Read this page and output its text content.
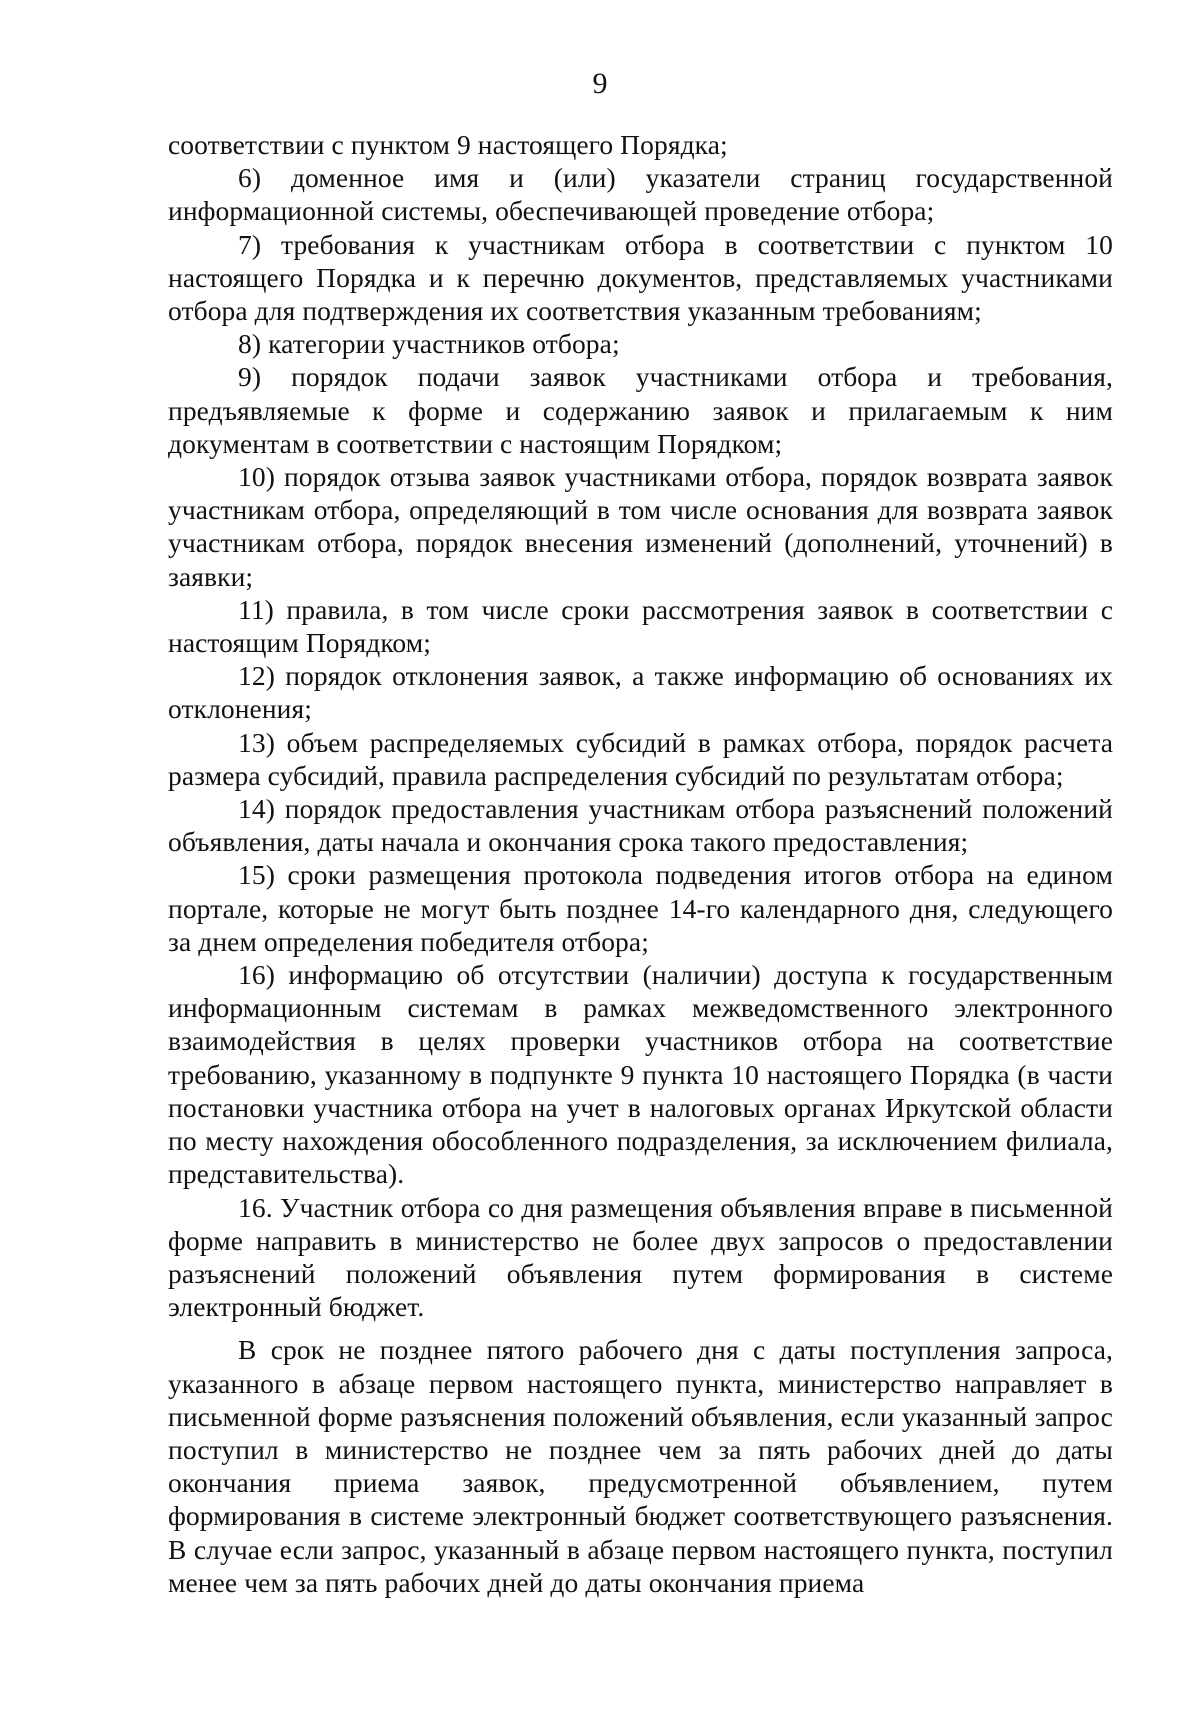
9

соответствии с пунктом 9 настоящего Порядка;

6) доменное имя и (или) указатели страниц государственной информационной системы, обеспечивающей проведение отбора;

7) требования к участникам отбора в соответствии с пунктом 10 настоящего Порядка и к перечню документов, представляемых участниками отбора для подтверждения их соответствия указанным требованиям;

8) категории участников отбора;

9) порядок подачи заявок участниками отбора и требования, предъявляемые к форме и содержанию заявок и прилагаемым к ним документам в соответствии с настоящим Порядком;

10) порядок отзыва заявок участниками отбора, порядок возврата заявок участникам отбора, определяющий в том числе основания для возврата заявок участникам отбора, порядок внесения изменений (дополнений, уточнений) в заявки;

11) правила, в том числе сроки рассмотрения заявок в соответствии с настоящим Порядком;

12) порядок отклонения заявок, а также информацию об основаниях их отклонения;

13) объем распределяемых субсидий в рамках отбора, порядок расчета размера субсидий, правила распределения субсидий по результатам отбора;

14) порядок предоставления участникам отбора разъяснений положений объявления, даты начала и окончания срока такого предоставления;

15) сроки размещения протокола подведения итогов отбора на едином портале, которые не могут быть позднее 14-го календарного дня, следующего за днем определения победителя отбора;

16) информацию об отсутствии (наличии) доступа к государственным информационным системам в рамках межведомственного электронного взаимодействия в целях проверки участников отбора на соответствие требованию, указанному в подпункте 9 пункта 10 настоящего Порядка (в части постановки участника отбора на учет в налоговых органах Иркутской области по месту нахождения обособленного подразделения, за исключением филиала, представительства).

16. Участник отбора со дня размещения объявления вправе в письменной форме направить в министерство не более двух запросов о предоставлении разъяснений положений объявления путем формирования в системе электронный бюджет.

В срок не позднее пятого рабочего дня с даты поступления запроса, указанного в абзаце первом настоящего пункта, министерство направляет в письменной форме разъяснения положений объявления, если указанный запрос поступил в министерство не позднее чем за пять рабочих дней до даты окончания приема заявок, предусмотренной объявлением, путем формирования в системе электронный бюджет соответствующего разъяснения. В случае если запрос, указанный в абзаце первом настоящего пункта, поступил менее чем за пять рабочих дней до даты окончания приема
